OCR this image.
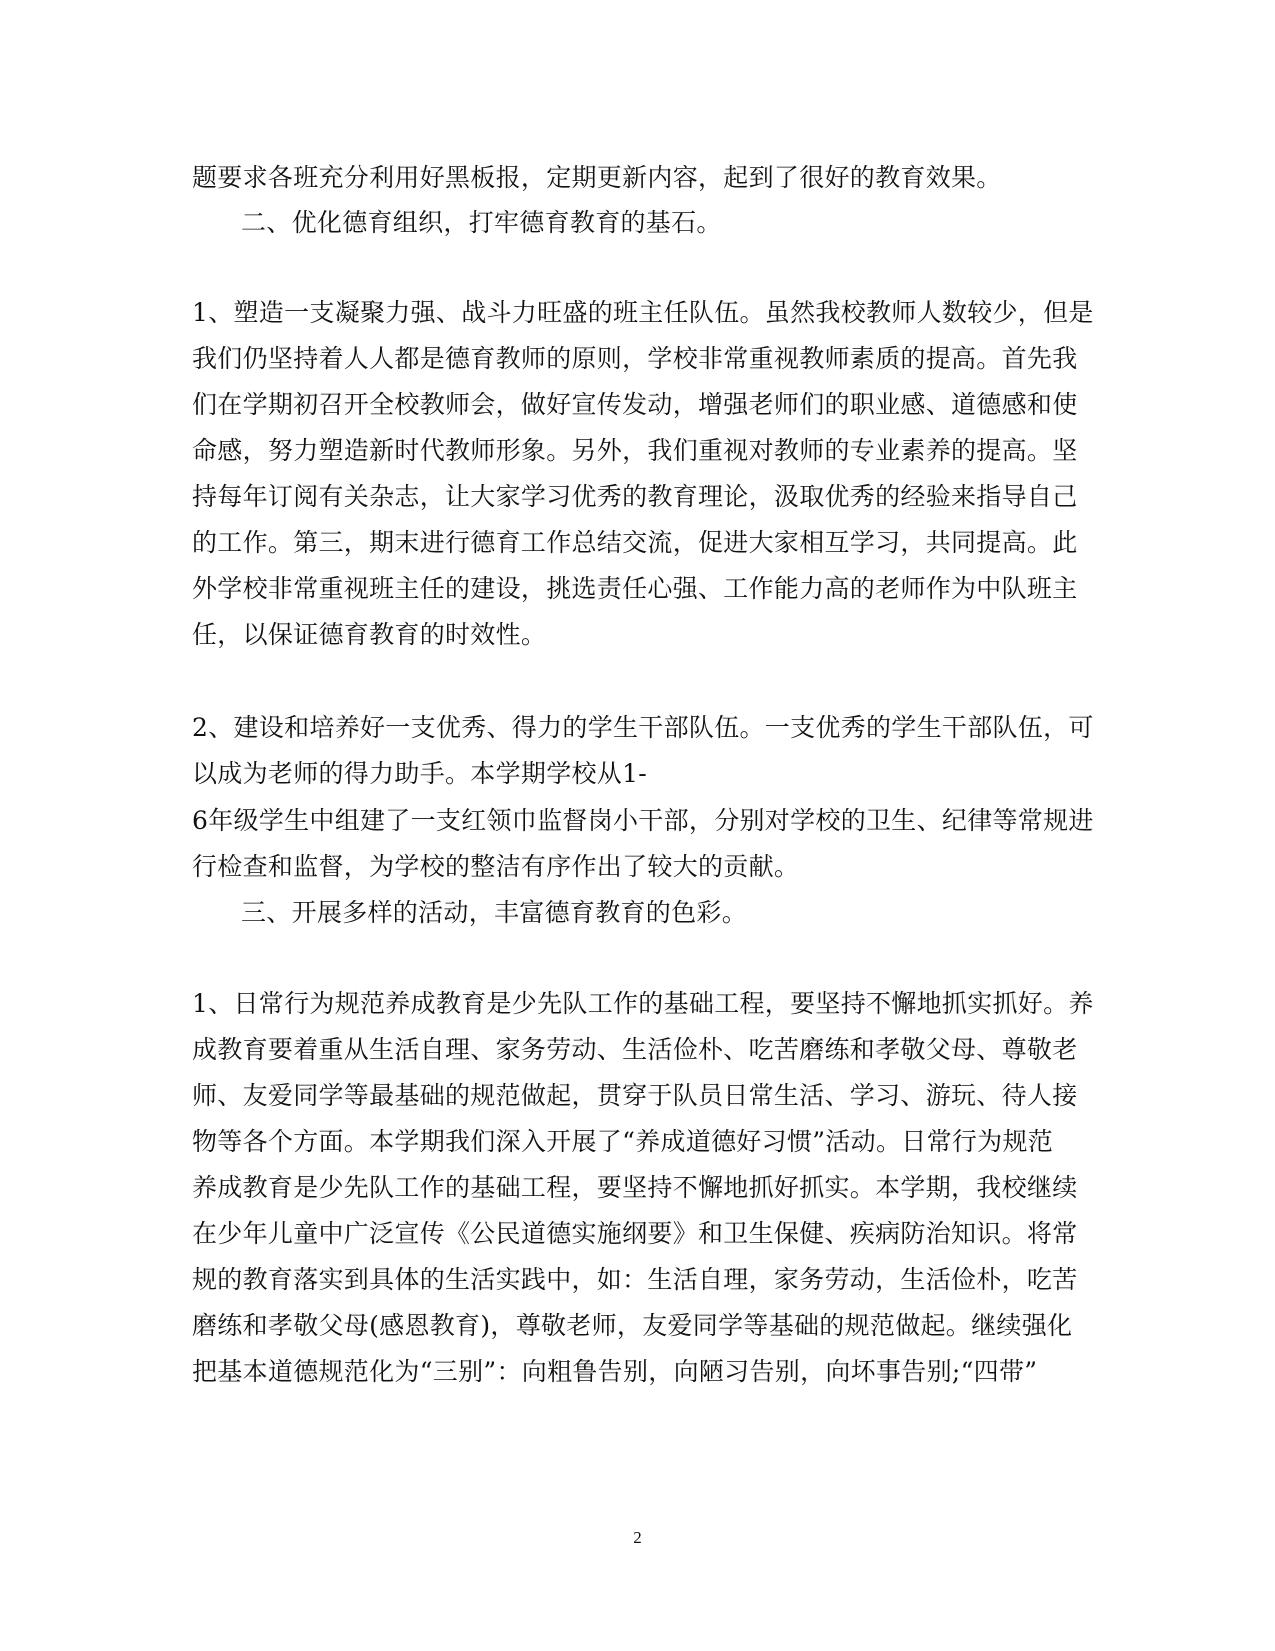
题要求各班充分利用好黑板报，定期更新内容，起到了很好的教育效果。
二、优化德育组织，打牢德育教育的基石。
1、塑造一支凝聚力强、战斗力旺盛的班主任队伍。虽然我校教师人数较少，但是
我们仍坚持着人人都是德育教师的原则，学校非常重视教师素质的提高。首先我
们在学期初召开全校教师会，做好宣传发动，增强老师们的职业感、道德感和使
命感，努力塑造新时代教师形象。另外，我们重视对教师的专业素养的提高。坚
持每年订阅有关杂志，让大家学习优秀的教育理论，汲取优秀的经验来指导自己
的工作。第三，期末进行德育工作总结交流，促进大家相互学习，共同提高。此
外学校非常重视班主任的建设，挑选责任心强、工作能力高的老师作为中队班主
任，以保证德育教育的时效性。
2、建设和培养好一支优秀、得力的学生干部队伍。一支优秀的学生干部队伍，可
以成为老师的得力助手。本学期学校从1-
6年级学生中组建了一支红领巾监督岗小干部，分别对学校的卫生、纪律等常规进
行检查和监督，为学校的整洁有序作出了较大的贡献。
三、开展多样的活动，丰富德育教育的色彩。
1、日常行为规范养成教育是少先队工作的基础工程，要坚持不懈地抓实抓好。养
成教育要着重从生活自理、家务劳动、生活俭朴、吃苦磨练和孝敬父母、尊敬老
师、友爱同学等最基础的规范做起，贯穿于队员日常生活、学习、游玩、待人接
物等各个方面。本学期我们深入开展了“养成道德好习惯”活动。日常行为规范
养成教育是少先队工作的基础工程，要坚持不懈地抓好抓实。本学期，我校继续
在少年儿童中广泛宣传《公民道德实施纲要》和卫生保健、疾病防治知识。将常
规的教育落实到具体的生活实践中，如：生活自理，家务劳动，生活俭朴，吃苦
磨练和孝敬父母(感恩教育)，尊敬老师，友爱同学等基础的规范做起。继续强化
把基本道德规范化为“三别”：向粗鲁告别，向陋习告别，向坏事告别;“四带”
2
